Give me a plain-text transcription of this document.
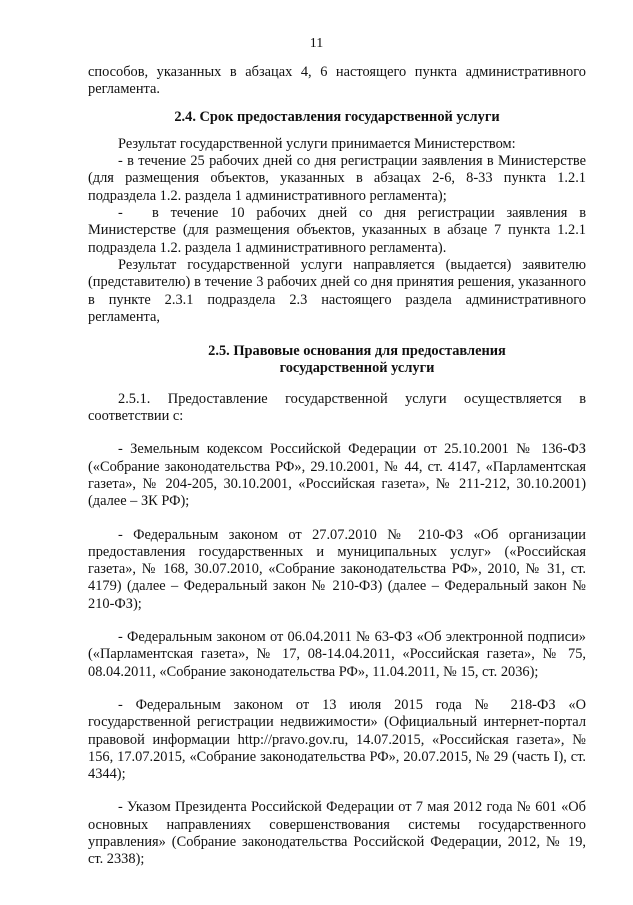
11

способов, указанных в абзацах 4, 6 настоящего пункта административного регламента.

2.4. Срок предоставления государственной услуги

Результат государственной услуги принимается Министерством:

- в течение 25 рабочих дней со дня регистрации заявления в Министерстве (для размещения объектов, указанных в абзацах 2-6, 8-33 пункта 1.2.1 подраздела 1.2. раздела 1 административного регламента);

- в течение 10 рабочих дней со дня регистрации заявления в Министерстве (для размещения объектов, указанных в абзаце 7 пункта 1.2.1 подраздела 1.2. раздела 1 административного регламента).

Результат государственной услуги направляется (выдается) заявителю (представителю) в течение 3 рабочих дней со дня принятия решения, указанного в пункте 2.3.1 подраздела 2.3 настоящего раздела административного регламента,

2.5. Правовые основания для предоставления
государственной услуги

2.5.1. Предоставление государственной услуги осуществляется в соответствии с:

- Земельным кодексом Российской Федерации от 25.10.2001 № 136-ФЗ («Собрание законодательства РФ», 29.10.2001, № 44, ст. 4147, «Парламентская газета», № 204-205, 30.10.2001, «Российская газета», № 211-212, 30.10.2001) (далее – ЗК РФ);

- Федеральным законом от 27.07.2010 № 210-ФЗ «Об организации предоставления государственных и муниципальных услуг» («Российская газета», № 168, 30.07.2010, «Собрание законодательства РФ», 2010, № 31, ст. 4179) (далее – Федеральный закон № 210-ФЗ) (далее – Федеральный закон № 210-ФЗ);

- Федеральным законом от 06.04.2011 № 63-ФЗ «Об электронной подписи» («Парламентская газета», № 17, 08-14.04.2011, «Российская газета», № 75, 08.04.2011, «Собрание законодательства РФ», 11.04.2011, № 15, ст. 2036);

- Федеральным законом от 13 июля 2015 года № 218-ФЗ «О государственной регистрации недвижимости» (Официальный интернет-портал правовой информации http://pravo.gov.ru, 14.07.2015, «Российская газета», № 156, 17.07.2015, «Собрание законодательства РФ», 20.07.2015, № 29 (часть I), ст. 4344);

- Указом Президента Российской Федерации от 7 мая 2012 года № 601 «Об основных направлениях совершенствования системы государственного управления» (Собрание законодательства Российской Федерации, 2012, № 19, ст. 2338);
